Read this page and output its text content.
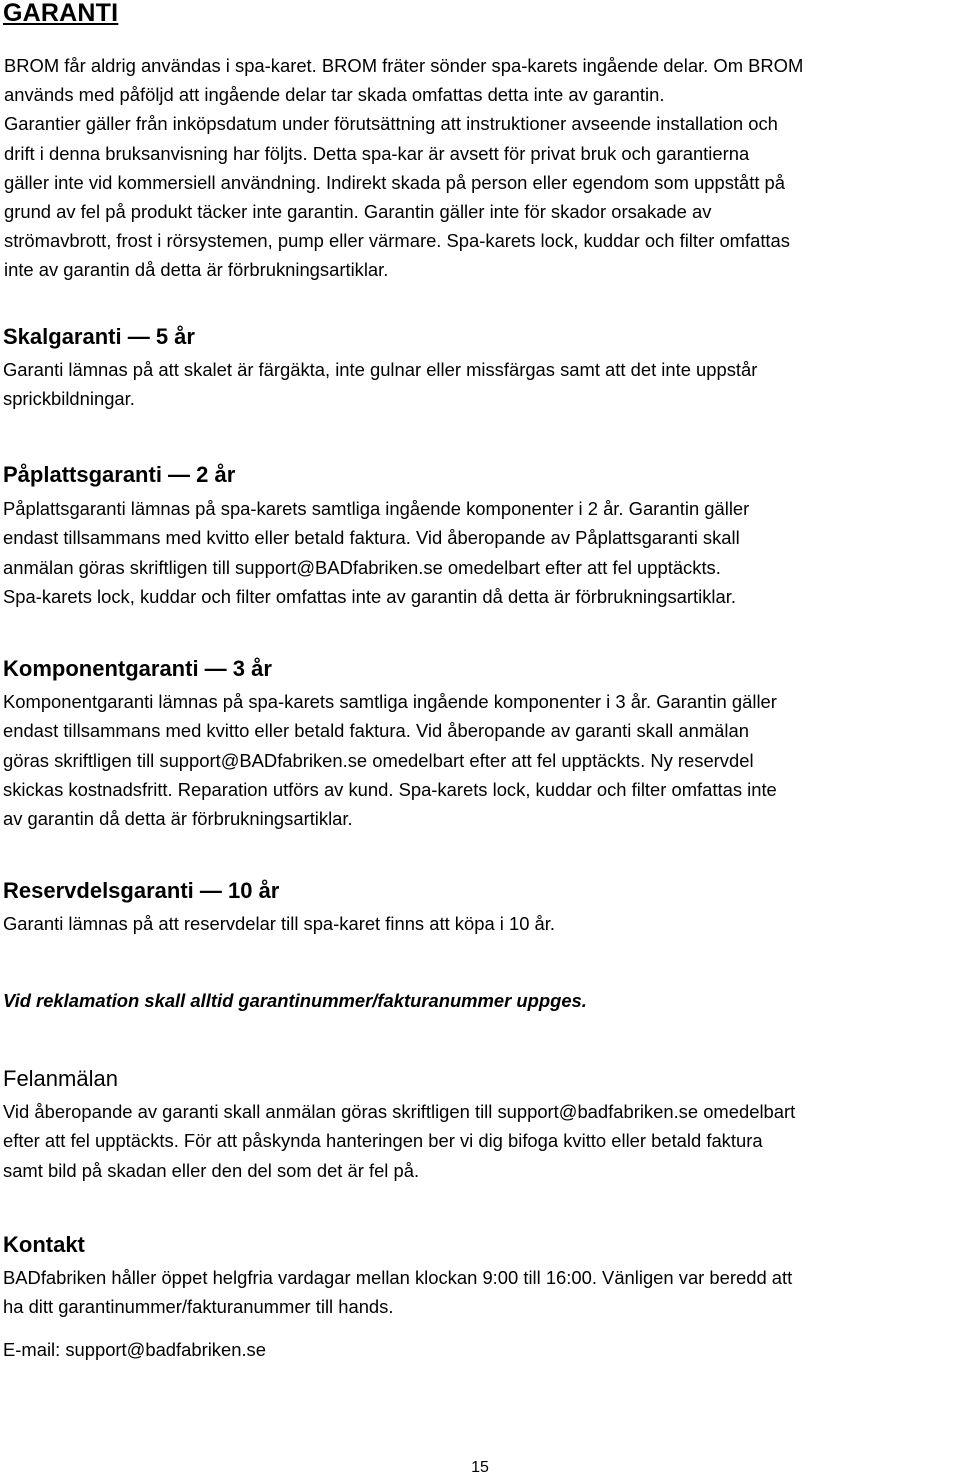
GARANTI

BROM får aldrig användas i spa-karet. BROM fräter sönder spa-karets ingående delar. Om BROM
används med påföljd att ingående delar tar skada omfattas detta inte av garantin.
Garantier gäller från inköpsdatum under förutsättning att instruktioner avseende installation och
drift i denna bruksanvisning har följts. Detta spa-kar är avsett för privat bruk och garantierna
gäller inte vid kommersiell användning. Indirekt skada på person eller egendom som uppstått på
grund av fel på produkt täcker inte garantin. Garantin gäller inte för skador orsakade av
strömavbrott, frost i rörsystemen, pump eller värmare. Spa-karets lock, kuddar och filter omfattas
inte av garantin då detta är förbrukningsartiklar.

Skalgaranti — 5 år

Garanti lämnas på att skalet är färgäkta, inte gulnar eller missfärgas samt att det inte uppstår
sprickbildningar.

Påplattsgaranti — 2 år

Påplattsgaranti lämnas på spa-karets samtliga ingående komponenter i 2 år. Garantin gäller
endast tillsammans med kvitto eller betald faktura. Vid åberopande av Påplattsgaranti skall
anmälan göras skriftligen till support@BADfabriken.se omedelbart efter att fel upptäckts.
Spa-karets lock, kuddar och filter omfattas inte av garantin då detta är förbrukningsartiklar.

Komponentgaranti — 3 år

Komponentgaranti lämnas på spa-karets samtliga ingående komponenter i 3 år. Garantin gäller
endast tillsammans med kvitto eller betald faktura. Vid åberopande av garanti skall anmälan
göras skriftligen till support@BADfabriken.se omedelbart efter att fel upptäckts. Ny reservdel
skickas kostnadsfritt. Reparation utförs av kund. Spa-karets lock, kuddar och filter omfattas inte
av garantin då detta är förbrukningsartiklar.

Reservdelsgaranti — 10 år

Garanti lämnas på att reservdelar till spa-karet finns att köpa i 10 år.

Vid reklamation skall alltid garantinummer/fakturanummer uppges.

Felanmälan

Vid åberopande av garanti skall anmälan göras skriftligen till support@badfabriken.se omedelbart
efter att fel upptäckts. För att påskynda hanteringen ber vi dig bifoga kvitto eller betald faktura
samt bild på skadan eller den del som det är fel på.

Kontakt

BADfabriken håller öppet helgfria vardagar mellan klockan 9:00 till 16:00. Vänligen var beredd att
ha ditt garantinummer/fakturanummer till hands.

E-mail: support@badfabriken.se

15
